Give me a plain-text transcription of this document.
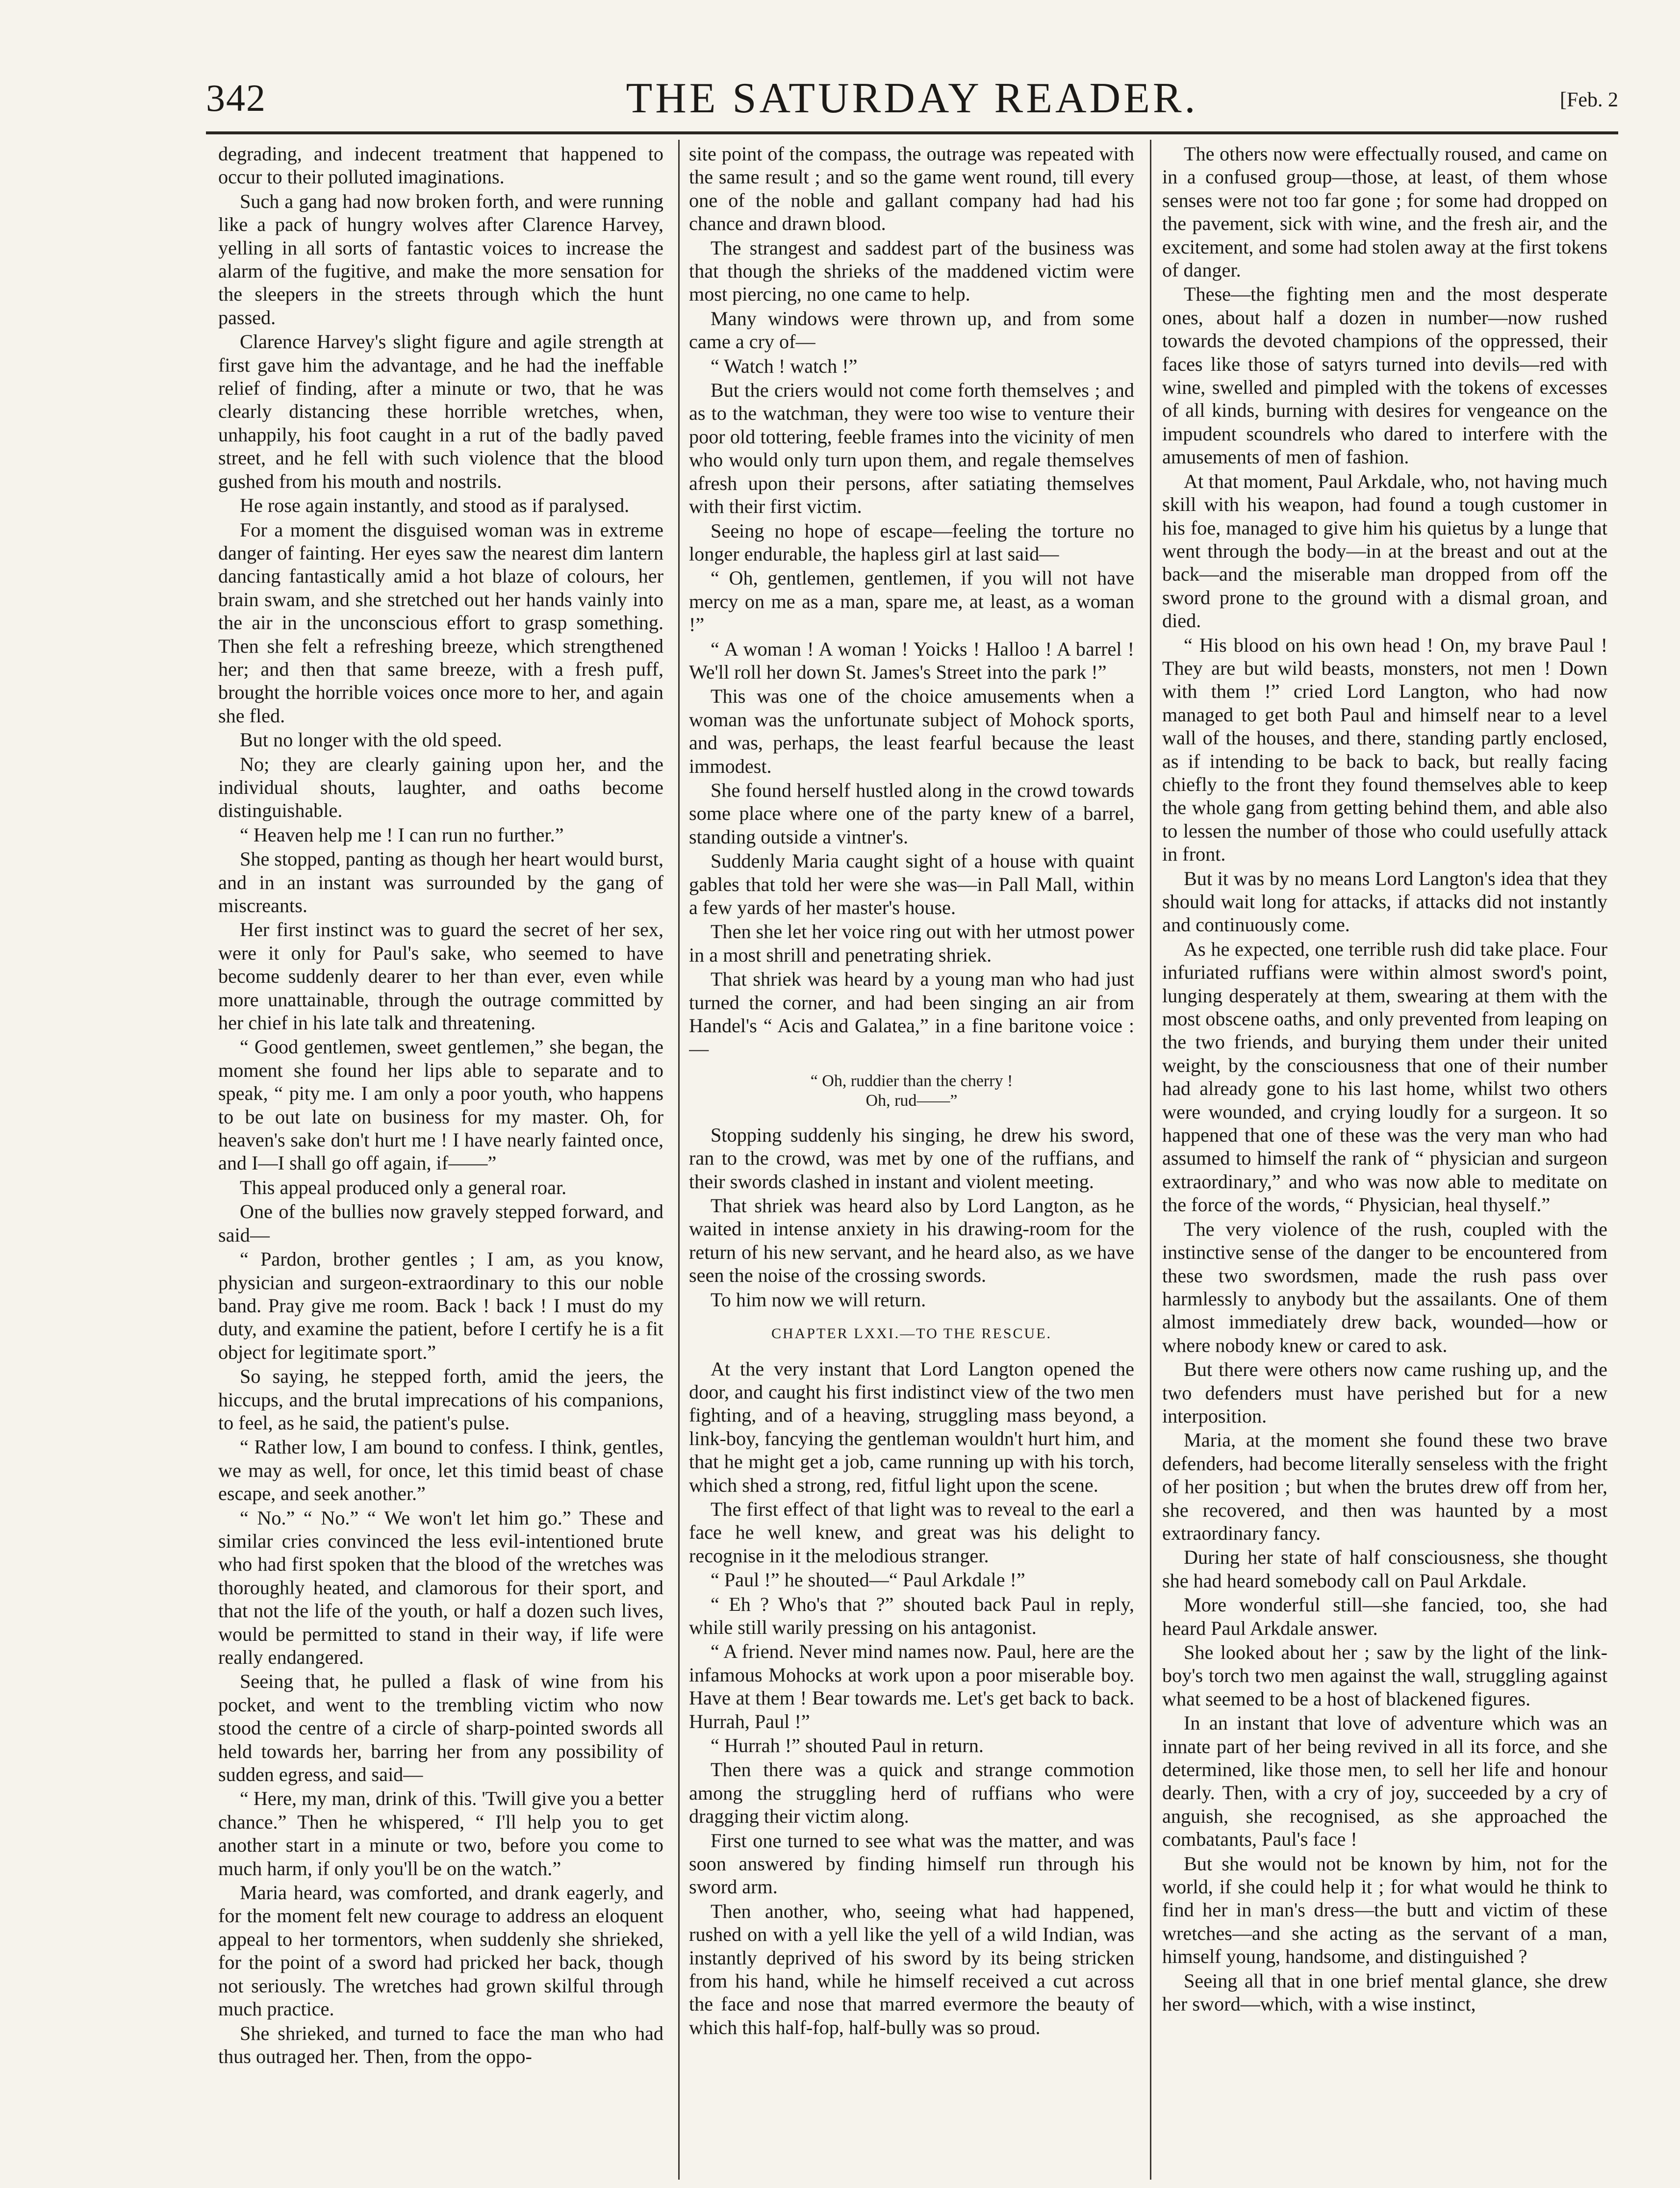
342	THE SATURDAY READER.	[Feb. 2

degrading, and indecent treatment that happened to occur to their polluted imaginations.

Such a gang had now broken forth, and were running like a pack of hungry wolves after Clarence Harvey, yelling in all sorts of fantastic voices to increase the alarm of the fugitive, and make the more sensation for the sleepers in the streets through which the hunt passed.

Clarence Harvey's slight figure and agile strength at first gave him the advantage, and he had the ineffable relief of finding, after a minute or two, that he was clearly distancing these horrible wretches, when, unhappily, his foot caught in a rut of the badly paved street, and he fell with such violence that the blood gushed from his mouth and nostrils.

He rose again instantly, and stood as if paralysed.

For a moment the disguised woman was in extreme danger of fainting. Her eyes saw the nearest dim lantern dancing fantastically amid a hot blaze of colours, her brain swam, and she stretched out her hands vainly into the air in the unconscious effort to grasp something. Then she felt a refreshing breeze, which strengthened her; and then that same breeze, with a fresh puff, brought the horrible voices once more to her, and again she fled.

But no longer with the old speed.

No; they are clearly gaining upon her, and the individual shouts, laughter, and oaths become distinguishable.

“ Heaven help me ! I can run no further.”

She stopped, panting as though her heart would burst, and in an instant was surrounded by the gang of miscreants.

Her first instinct was to guard the secret of her sex, were it only for Paul's sake, who seemed to have become suddenly dearer to her than ever, even while more unattainable, through the outrage committed by her chief in his late talk and threatening.

“ Good gentlemen, sweet gentlemen,” she began, the moment she found her lips able to separate and to speak, “ pity me. I am only a poor youth, who happens to be out late on business for my master. Oh, for heaven's sake don't hurt me ! I have nearly fainted once, and I—I shall go off again, if——”

This appeal produced only a general roar.

One of the bullies now gravely stepped forward, and said—

“ Pardon, brother gentles ; I am, as you know, physician and surgeon-extraordinary to this our noble band. Pray give me room. Back ! back ! I must do my duty, and examine the patient, before I certify he is a fit object for legitimate sport.”

So saying, he stepped forth, amid the jeers, the hiccups, and the brutal imprecations of his companions, to feel, as he said, the patient's pulse.

“ Rather low, I am bound to confess. I think, gentles, we may as well, for once, let this timid beast of chase escape, and seek another.”

“ No.” “ No.” “ We won't let him go.” These and similar cries convinced the less evil-intentioned brute who had first spoken that the blood of the wretches was thoroughly heated, and clamorous for their sport, and that not the life of the youth, or half a dozen such lives, would be permitted to stand in their way, if life were really endangered.

Seeing that, he pulled a flask of wine from his pocket, and went to the trembling victim who now stood the centre of a circle of sharp-pointed swords all held towards her, barring her from any possibility of sudden egress, and said—

“ Here, my man, drink of this. 'Twill give you a better chance.” Then he whispered, “ I'll help you to get another start in a minute or two, before you come to much harm, if only you'll be on the watch.”

Maria heard, was comforted, and drank eagerly, and for the moment felt new courage to address an eloquent appeal to her tormentors, when suddenly she shrieked, for the point of a sword had pricked her back, though not seriously. The wretches had grown skilful through much practice.

She shrieked, and turned to face the man who had thus outraged her. Then, from the oppo-

site point of the compass, the outrage was repeated with the same result ; and so the game went round, till every one of the noble and gallant company had had his chance and drawn blood.

The strangest and saddest part of the business was that though the shrieks of the maddened victim were most piercing, no one came to help.

Many windows were thrown up, and from some came a cry of—

“ Watch ! watch !”

But the criers would not come forth themselves ; and as to the watchman, they were too wise to venture their poor old tottering, feeble frames into the vicinity of men who would only turn upon them, and regale themselves afresh upon their persons, after satiating themselves with their first victim.

Seeing no hope of escape—feeling the torture no longer endurable, the hapless girl at last said—

“ Oh, gentlemen, gentlemen, if you will not have mercy on me as a man, spare me, at least, as a woman !”

“ A woman ! A woman ! Yoicks ! Halloo ! A barrel ! We'll roll her down St. James's Street into the park !”

This was one of the choice amusements when a woman was the unfortunate subject of Mohock sports, and was, perhaps, the least fearful because the least immodest.

She found herself hustled along in the crowd towards some place where one of the party knew of a barrel, standing outside a vintner's.

Suddenly Maria caught sight of a house with quaint gables that told her were she was—in Pall Mall, within a few yards of her master's house.

Then she let her voice ring out with her utmost power in a most shrill and penetrating shriek.

That shriek was heard by a young man who had just turned the corner, and had been singing an air from Handel's “ Acis and Galatea,” in a fine baritone voice :—

“ Oh, ruddier than the cherry !
Oh, rud——”

Stopping suddenly his singing, he drew his sword, ran to the crowd, was met by one of the ruffians, and their swords clashed in instant and violent meeting.

That shriek was heard also by Lord Langton, as he waited in intense anxiety in his drawing-room for the return of his new servant, and he heard also, as we have seen the noise of the crossing swords.

To him now we will return.

CHAPTER LXXI.—TO THE RESCUE.

At the very instant that Lord Langton opened the door, and caught his first indistinct view of the two men fighting, and of a heaving, struggling mass beyond, a link-boy, fancying the gentleman wouldn't hurt him, and that he might get a job, came running up with his torch, which shed a strong, red, fitful light upon the scene.

The first effect of that light was to reveal to the earl a face he well knew, and great was his delight to recognise in it the melodious stranger.

“ Paul !” he shouted—“ Paul Arkdale !”

“ Eh ? Who's that ?” shouted back Paul in reply, while still warily pressing on his antagonist.

“ A friend. Never mind names now. Paul, here are the infamous Mohocks at work upon a poor miserable boy. Have at them ! Bear towards me. Let's get back to back. Hurrah, Paul !”

“ Hurrah !” shouted Paul in return.

Then there was a quick and strange commotion among the struggling herd of ruffians who were dragging their victim along.

First one turned to see what was the matter, and was soon answered by finding himself run through his sword arm.

Then another, who, seeing what had happened, rushed on with a yell like the yell of a wild Indian, was instantly deprived of his sword by its being stricken from his hand, while he himself received a cut across the face and nose that marred evermore the beauty of which this half-fop, half-bully was so proud.

The others now were effectually roused, and came on in a confused group—those, at least, of them whose senses were not too far gone ; for some had dropped on the pavement, sick with wine, and the fresh air, and the excitement, and some had stolen away at the first tokens of danger.

These—the fighting men and the most desperate ones, about half a dozen in number—now rushed towards the devoted champions of the oppressed, their faces like those of satyrs turned into devils—red with wine, swelled and pimpled with the tokens of excesses of all kinds, burning with desires for vengeance on the impudent scoundrels who dared to interfere with the amusements of men of fashion.

At that moment, Paul Arkdale, who, not having much skill with his weapon, had found a tough customer in his foe, managed to give him his quietus by a lunge that went through the body—in at the breast and out at the back—and the miserable man dropped from off the sword prone to the ground with a dismal groan, and died.

“ His blood on his own head ! On, my brave Paul ! They are but wild beasts, monsters, not men ! Down with them !” cried Lord Langton, who had now managed to get both Paul and himself near to a level wall of the houses, and there, standing partly enclosed, as if intending to be back to back, but really facing chiefly to the front they found themselves able to keep the whole gang from getting behind them, and able also to lessen the number of those who could usefully attack in front.

But it was by no means Lord Langton's idea that they should wait long for attacks, if attacks did not instantly and continuously come.

As he expected, one terrible rush did take place. Four infuriated ruffians were within almost sword's point, lunging desperately at them, swearing at them with the most obscene oaths, and only prevented from leaping on the two friends, and burying them under their united weight, by the consciousness that one of their number had already gone to his last home, whilst two others were wounded, and crying loudly for a surgeon. It so happened that one of these was the very man who had assumed to himself the rank of “ physician and surgeon extraordinary,” and who was now able to meditate on the force of the words, “ Physician, heal thyself.”

The very violence of the rush, coupled with the instinctive sense of the danger to be encountered from these two swordsmen, made the rush pass over harmlessly to anybody but the assailants. One of them almost immediately drew back, wounded—how or where nobody knew or cared to ask.

But there were others now came rushing up, and the two defenders must have perished but for a new interposition.

Maria, at the moment she found these two brave defenders, had become literally senseless with the fright of her position ; but when the brutes drew off from her, she recovered, and then was haunted by a most extraordinary fancy.

During her state of half consciousness, she thought she had heard somebody call on Paul Arkdale.

More wonderful still—she fancied, too, she had heard Paul Arkdale answer.

She looked about her ; saw by the light of the link-boy's torch two men against the wall, struggling against what seemed to be a host of blackened figures.

In an instant that love of adventure which was an innate part of her being revived in all its force, and she determined, like those men, to sell her life and honour dearly. Then, with a cry of joy, succeeded by a cry of anguish, she recognised, as she approached the combatants, Paul's face !

But she would not be known by him, not for the world, if she could help it ; for what would he think to find her in man's dress—the butt and victim of these wretches—and she acting as the servant of a man, himself young, handsome, and distinguished ?

Seeing all that in one brief mental glance, she drew her sword—which, with a wise instinct,
